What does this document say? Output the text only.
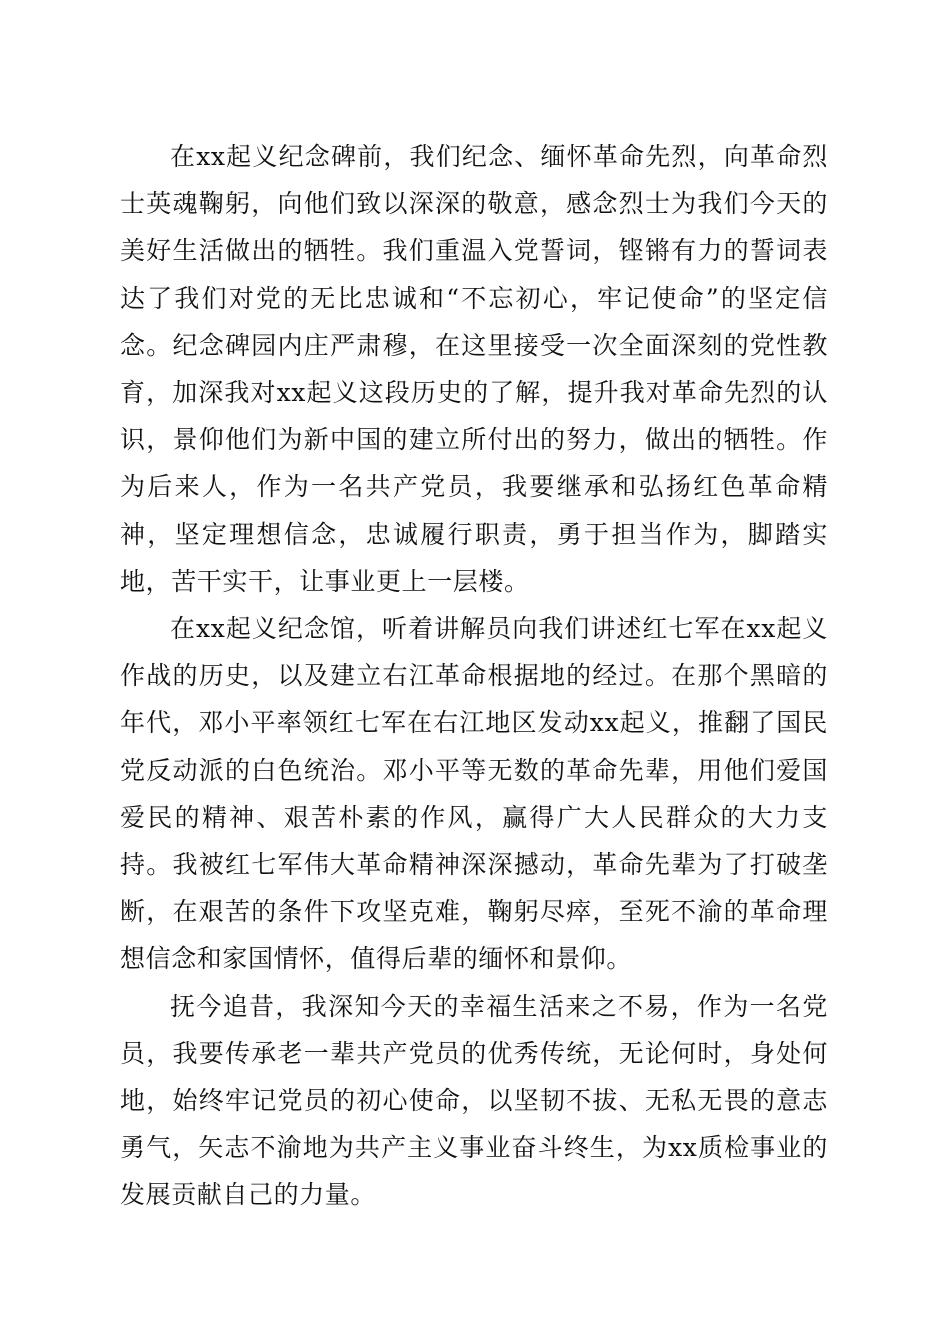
在xx起义纪念碑前，我们纪念、缅怀革命先烈，向革命烈士英魂鞠躬，向他们致以深深的敬意，感念烈士为我们今天的美好生活做出的牺牲。我们重温入党誓词，铿锵有力的誓词表达了我们对党的无比忠诚和“不忘初心，牢记使命”的坚定信念。纪念碑园内庄严肃穆，在这里接受一次全面深刻的党性教育，加深我对xx起义这段历史的了解，提升我对革命先烈的认识，景仰他们为新中国的建立所付出的努力，做出的牺牲。作为后来人，作为一名共产党员，我要继承和弘扬红色革命精神，坚定理想信念，忠诚履行职责，勇于担当作为，脚踏实地，苦干实干，让事业更上一层楼。

在xx起义纪念馆，听着讲解员向我们讲述红七军在xx起义作战的历史，以及建立右江革命根据地的经过。在那个黑暗的年代，邓小平率领红七军在右江地区发动xx起义，推翻了国民党反动派的白色统治。邓小平等无数的革命先辈，用他们爱国爱民的精神、艰苦朴素的作风，赢得广大人民群众的大力支持。我被红七军伟大革命精神深深撼动，革命先辈为了打破垄断，在艰苦的条件下攻坚克难，鞠躬尽瘁，至死不渝的革命理想信念和家国情怀，值得后辈的缅怀和景仰。

抚今追昔，我深知今天的幸福生活来之不易，作为一名党员，我要传承老一辈共产党员的优秀传统，无论何时，身处何地，始终牢记党员的初心使命，以坚韧不拔、无私无畏的意志勇气，矢志不渝地为共产主义事业奋斗终生，为xx质检事业的发展贡献自己的力量。
